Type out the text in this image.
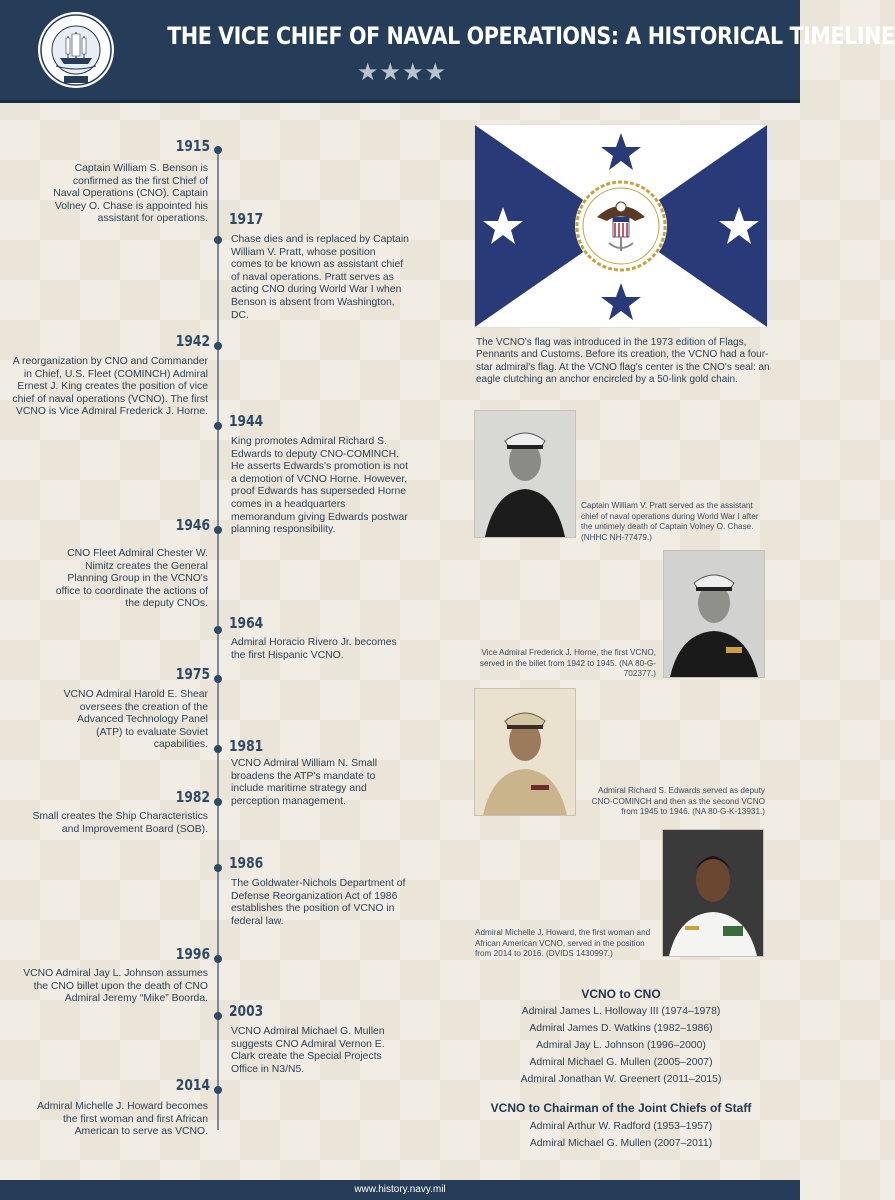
THE VICE CHIEF OF NAVAL OPERATIONS: A HISTORICAL TIMELINE
★★★★
1915
Captain William S. Benson is confirmed as the first Chief of Naval Operations (CNO). Captain Volney O. Chase is appointed his assistant for operations. 1917
Chase dies and is replaced by Captain William V. Pratt, whose position comes to be known as assistant chief of naval operations. Pratt serves as acting CNO during World War I when Benson is absent from Washington, DC.
1942
A reorganization by CNO and Commander in Chief, U.S. Fleet (COMINCH) Admiral Ernest J. King creates the position of vice chief of naval operations (VCNO). The first VCNO is Vice Admiral Frederick J. Horne.
1944
King promotes Admiral Richard S. Edwards to deputy CNO-COMINCH. He asserts Edwards's promotion is not a demotion of VCNO Horne. However, proof Edwards has superseded Horne comes in a headquarters memorandum giving Edwards postwar planning responsibility.
1946
CNO Fleet Admiral Chester W. Nimitz creates the General Planning Group in the VCNO's office to coordinate the actions of the deputy CNOs.
1964
Admiral Horacio Rivero Jr. becomes the first Hispanic VCNO.
1975
VCNO Admiral Harold E. Shear oversees the creation of the Advanced Technology Panel (ATP) to evaluate Soviet capabilities. 1981
VCNO Admiral William N. Small broadens the ATP's mandate to include maritime strategy and perception management.
1982
Small creates the Ship Characteristics and Improvement Board (SOB).
1986
The Goldwater-Nichols Department of Defense Reorganization Act of 1986 establishes the position of VCNO in federal law.
1996
VCNO Admiral Jay L. Johnson assumes the CNO billet upon the death of CNO Admiral Jeremy “Mike” Boorda.
2003
VCNO Admiral Michael G. Mullen suggests CNO Admiral Vernon E. Clark create the Special Projects Office in N3/N5.
2014
Admiral Michelle J. Howard becomes the first woman and first African American to serve as VCNO.
The VCNO's flag was introduced in the 1973 edition of Flags, Pennants and Customs. Before its creation, the VCNO had a four-star admiral's flag. At the VCNO flag's center is the CNO's seal: an eagle clutching an anchor encircled by a 50-link gold chain.
Captain William V. Pratt served as the assistant chief of naval operations during World War I after the untimely death of Captain Volney O. Chase. (NHHC NH-77479.)
Vice Admiral Frederick J. Horne, the first VCNO, served in the billet from 1942 to 1945. (NA 80-G-702377.)
Admiral Richard S. Edwards served as deputy CNO-COMINCH and then as the second VCNO from 1945 to 1946. (NA 80-G-K-13931.)
Admiral Michelle J. Howard, the first woman and African American VCNO, served in the position from 2014 to 2016. (DVIDS 1430997.)
VCNO to CNO
Admiral James L. Holloway III (1974–1978)
Admiral James D. Watkins (1982–1986)
Admiral Jay L. Johnson (1996–2000)
Admiral Michael G. Mullen (2005–2007)
Admiral Jonathan W. Greenert (2011–2015)
VCNO to Chairman of the Joint Chiefs of Staff
Admiral Arthur W. Radford (1953–1957)
Admiral Michael G. Mullen (2007–2011)
www.history.navy.mil
